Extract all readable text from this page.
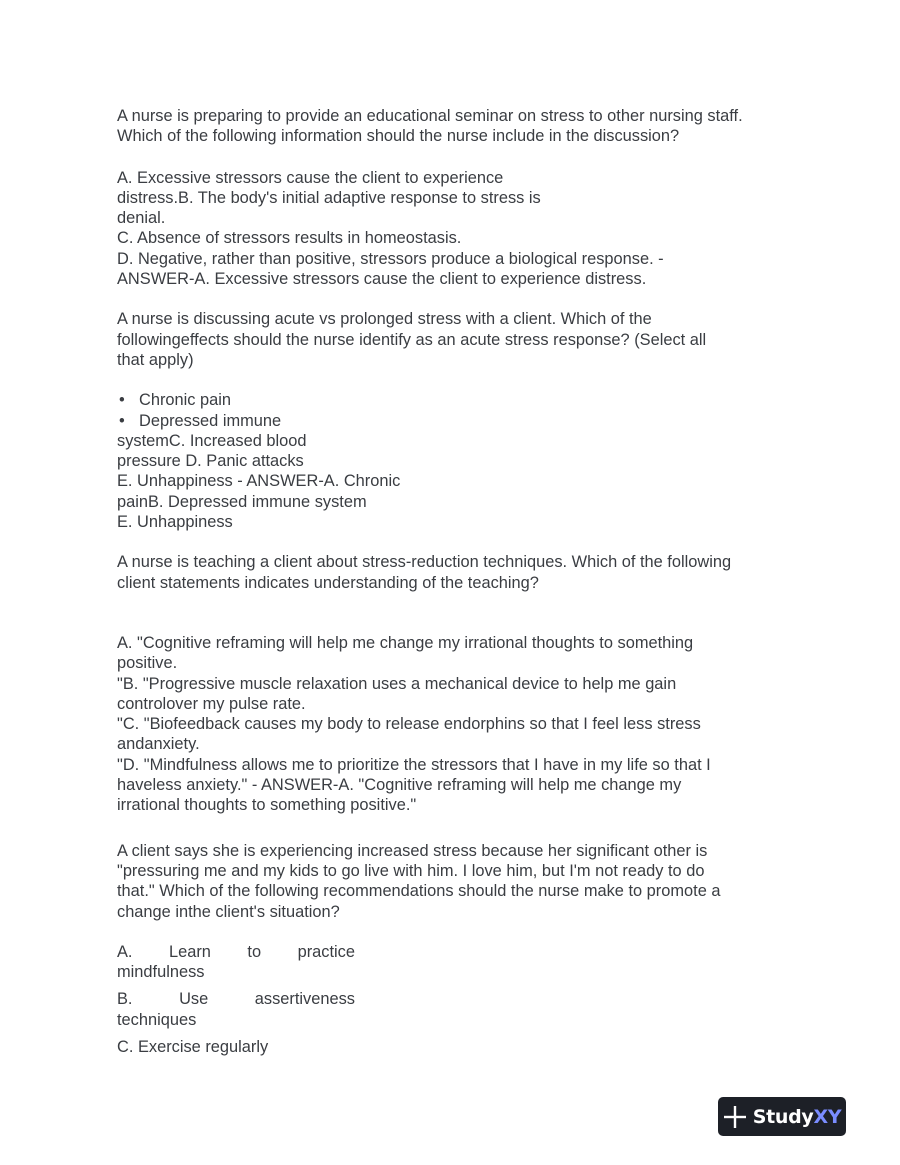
A nurse is preparing to provide an educational seminar on stress to other nursing staff.

Which of the following information should the nurse include in the discussion?

A. Excessive stressors cause the client to experience

distress.B. The body's initial adaptive response to stress is

denial.

C. Absence of stressors results in homeostasis.

D. Negative, rather than positive, stressors produce a biological response. -

ANSWER-A. Excessive stressors cause the client to experience distress.

A nurse is discussing acute vs prolonged stress with a client. Which of the

followingeffects should the nurse identify as an acute stress response? (Select all

that apply)

• Chronic pain

• Depressed immune

systemC. Increased blood

pressure D. Panic attacks

E. Unhappiness - ANSWER-A. Chronic

painB. Depressed immune system

E. Unhappiness

A nurse is teaching a client about stress-reduction techniques. Which of the following

client statements indicates understanding of the teaching?

A. "Cognitive reframing will help me change my irrational thoughts to something

positive.

"B. "Progressive muscle relaxation uses a mechanical device to help me gain

controlover my pulse rate.

"C. "Biofeedback causes my body to release endorphins so that I feel less stress

andanxiety.

"D. "Mindfulness allows me to prioritize the stressors that I have in my life so that I

haveless anxiety." - ANSWER-A. "Cognitive reframing will help me change my

irrational thoughts to something positive."

A client says she is experiencing increased stress because her significant other is

"pressuring me and my kids to go live with him. I love him, but I'm not ready to do

that." Which of the following recommendations should the nurse make to promote a

change inthe client's situation?

A. Learn to practice
mindfulness
B.	Use	assertiveness
techniques

C. Exercise regularly

StudyXY
